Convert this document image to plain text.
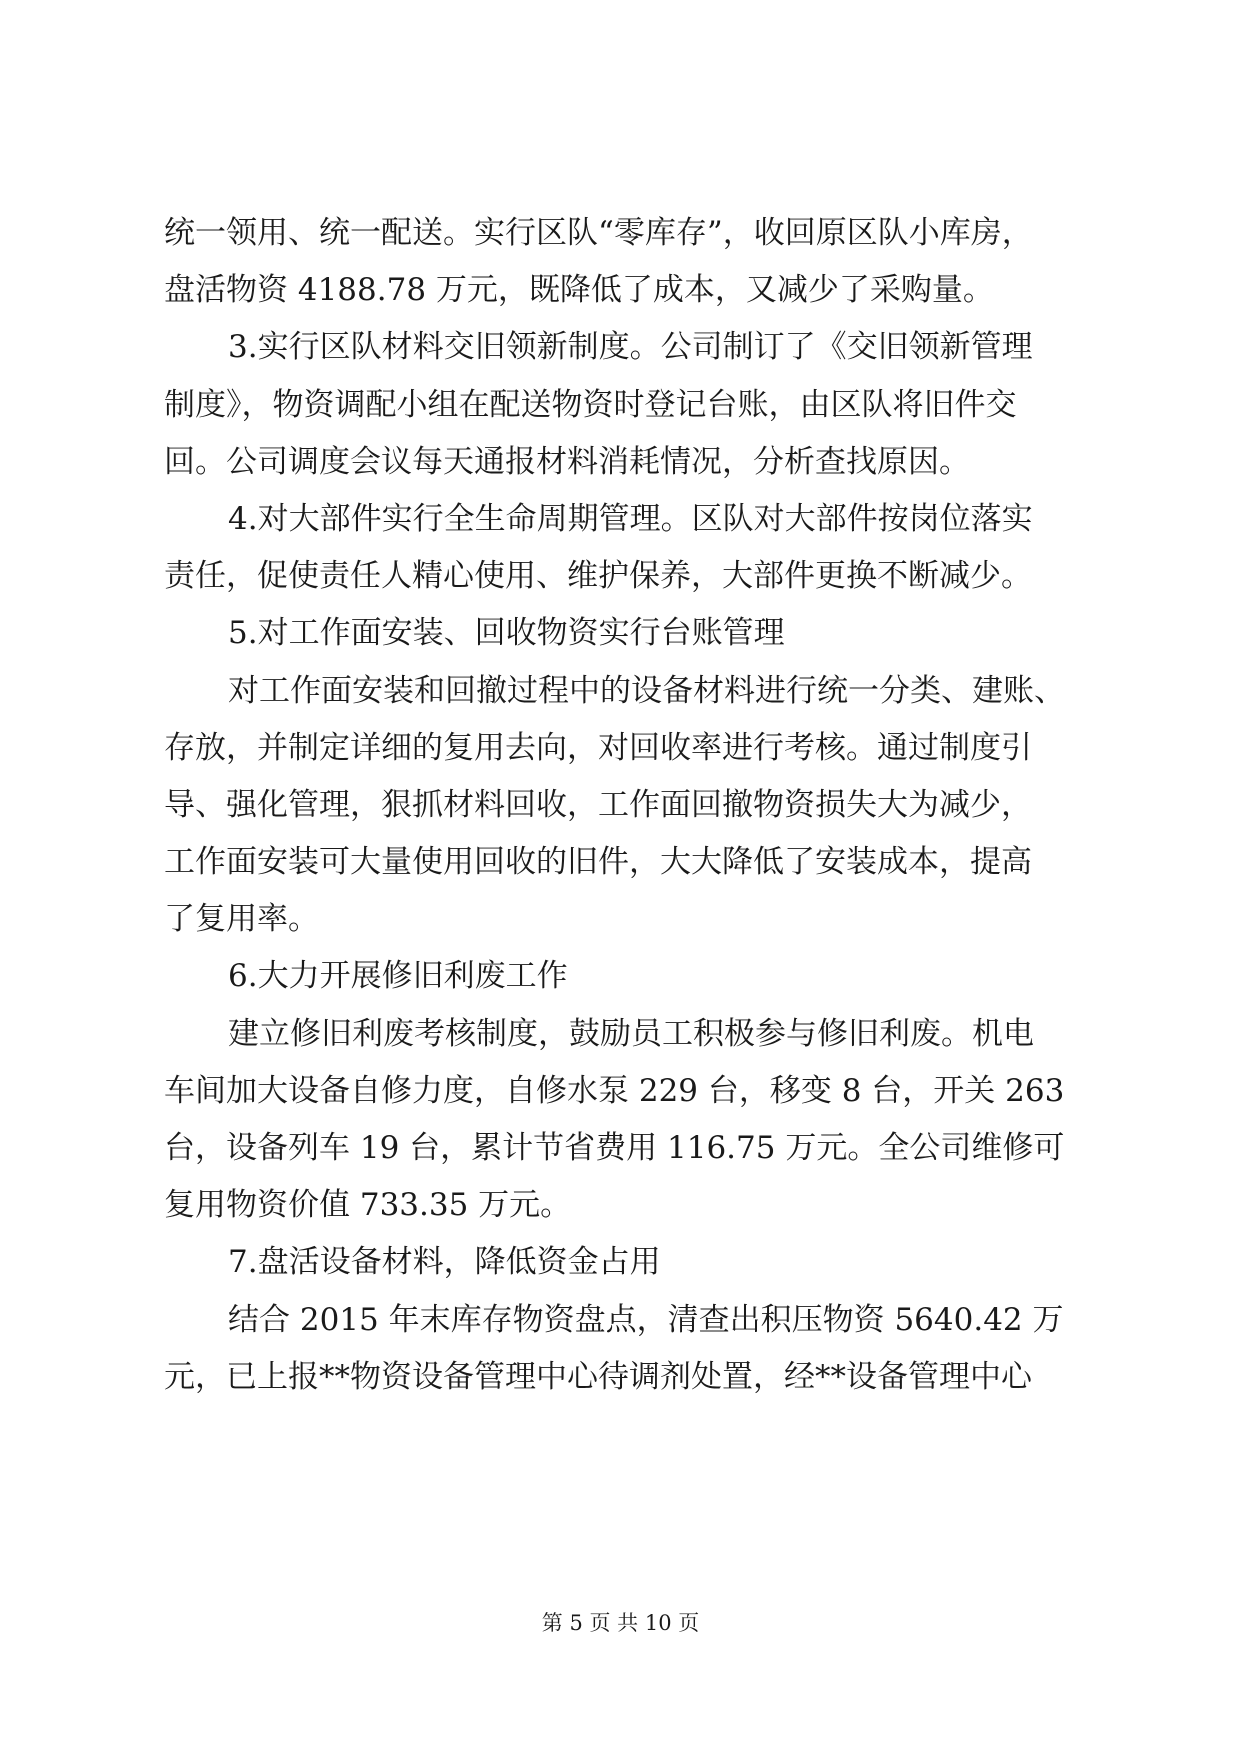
统一领用、统一配送。实行区队“零库存”，收回原区队小库房，
盘活物资 4188.78 万元，既降低了成本，又减少了采购量。
3.实行区队材料交旧领新制度。公司制订了《交旧领新管理
制度》，物资调配小组在配送物资时登记台账，由区队将旧件交
回。公司调度会议每天通报材料消耗情况，分析查找原因。
4.对大部件实行全生命周期管理。区队对大部件按岗位落实
责任，促使责任人精心使用、维护保养，大部件更换不断减少。
5.对工作面安装、回收物资实行台账管理
对工作面安装和回撤过程中的设备材料进行统一分类、建账、
存放，并制定详细的复用去向，对回收率进行考核。通过制度引
导、强化管理，狠抓材料回收，工作面回撤物资损失大为减少，
工作面安装可大量使用回收的旧件，大大降低了安装成本，提高
了复用率。
6.大力开展修旧利废工作
建立修旧利废考核制度，鼓励员工积极参与修旧利废。机电
车间加大设备自修力度，自修水泵 229 台，移变 8 台，开关 263
台，设备列车 19 台，累计节省费用 116.75 万元。全公司维修可
复用物资价值 733.35 万元。
7.盘活设备材料，降低资金占用
结合 2015 年末库存物资盘点，清查出积压物资 5640.42 万
元，已上报**物资设备管理中心待调剂处置，经**设备管理中心
第 5 页 共 10 页
